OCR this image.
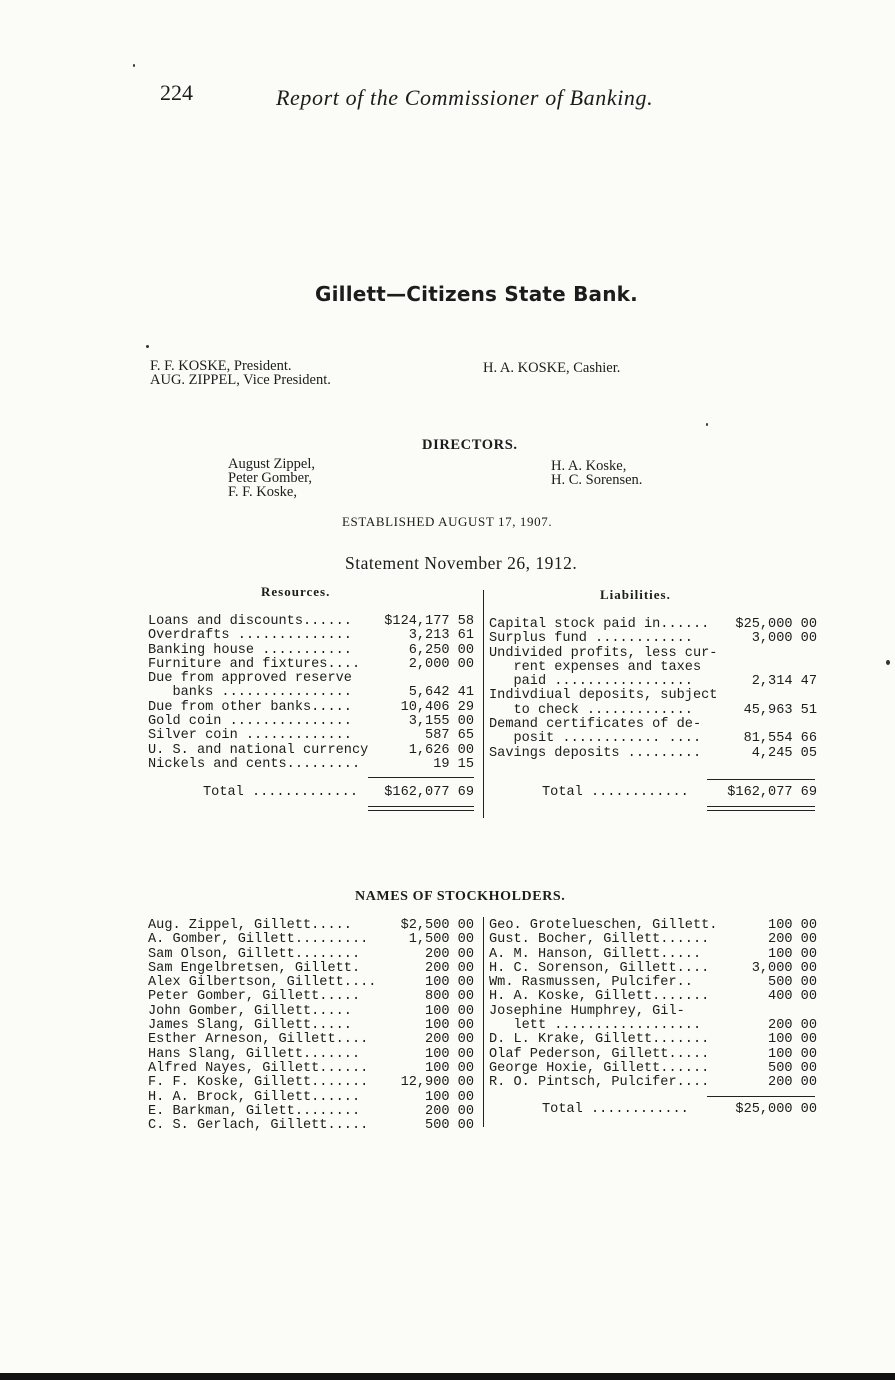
224	Report of the Commissioner of Banking.
Gillett—Citizens State Bank.
F. F. KOSKE, President.
AUG. ZIPPEL, Vice President.
H. A. KOSKE, Cashier.
DIRECTORS.
August Zippel,
Peter Gomber,
F. F. Koske,
H. A. Koske,
H. C. Sorensen.
ESTABLISHED AUGUST 17, 1907.
Statement November 26, 1912.
Resources.	Liabilities.
Loans and discounts...... $124,177 58
Overdrafts ..............	3,213 61
Banking house ...........	6,250 00
Furniture and fixtures....	2,000 00
Due from approved reserve
banks ................	5,642 41
Due from other banks.....	10,406 29
Gold coin ...............	3,155 00
Silver coin .............	587 65
U. S. and national currency	1,626 00
Nickels and cents.........	19 15
Total ............. $162,077 69
Capital stock paid in...... $25,000 00
Surplus fund ............	3,000 00
Undivided profits, less cur-
rent expenses and taxes
paid .................	2,314 47
Indivdiual deposits, subject
to check .............	45,963 51
Demand certificates of de-
posit ............ ....	81,554 66
Savings deposits .........	4,245 05
Total ............	$162,077 69
NAMES OF STOCKHOLDERS.
Aug. Zippel, Gillett.....	$2,500 00
A. Gomber, Gillett.........	1,500 00
Sam Olson, Gillett........	200 00
Sam Engelbretsen, Gillett.	200 00
Alex Gilbertson, Gillett....	100 00
Peter Gomber, Gillett.....	800 00
John Gomber, Gillett.....	100 00
James Slang, Gillett.....	100 00
Esther Arneson, Gillett....	200 00
Hans Slang, Gillett.......	100 00
Alfred Nayes, Gillett......	100 00
F. F. Koske, Gillett....... 12,900 00
H. A. Brock, Gillett......	100 00
E. Barkman, Gilett........	200 00
C. S. Gerlach, Gillett.....	500 00
Geo. Grotelueschen, Gillett.	100 00
Gust. Bocher, Gillett......	200 00
A. M. Hanson, Gillett.....	100 00
H. C. Sorenson, Gillett....	3,000 00
Wm. Rasmussen, Pulcifer..	500 00
H. A. Koske, Gillett.......	400 00
Josephine Humphrey, Gil-
lett ..................	200 00
D. L. Krake, Gillett.......	100 00
Olaf Pederson, Gillett.....	100 00
George Hoxie, Gillett......	500 00
R. O. Pintsch, Pulcifer....	200 00
Total ............	$25,000 00
